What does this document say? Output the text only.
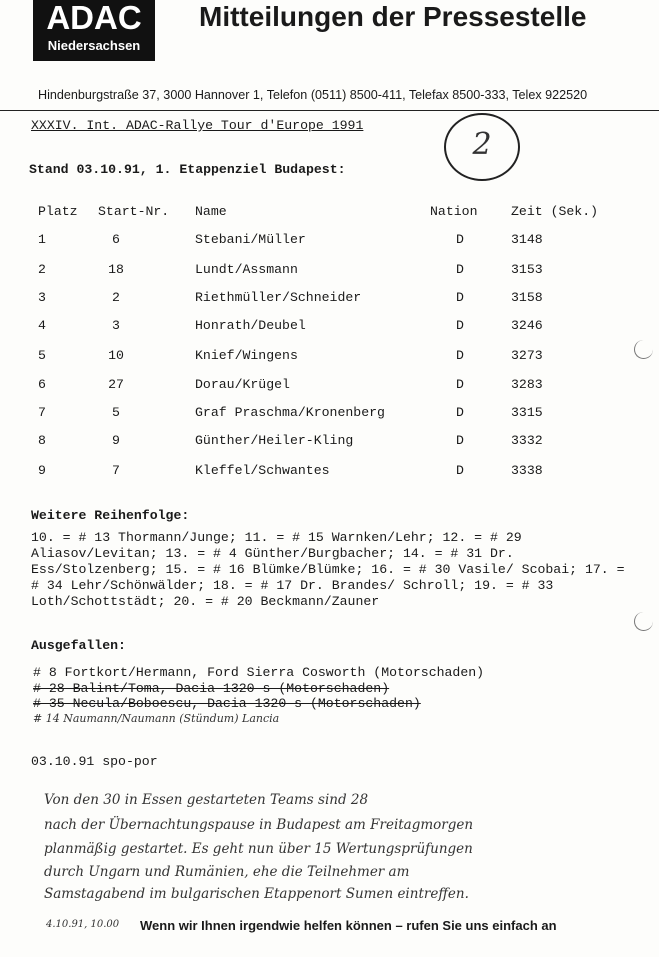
ADAC
Niedersachsen
Mitteilungen der Pressestelle
Hindenburgstraße 37, 3000 Hannover 1, Telefon (0511) 8500-411, Telefax 8500-333, Telex 922520
XXXIV. Int. ADAC-Rallye Tour d'Europe 1991
2
Stand 03.10.91, 1. Etappenziel Budapest:
Platz Start-Nr. Name	Nation	Zeit (Sek.)
1	6	Stebani/Müller	D	3148
2	18	Lundt/Assmann	D	3153
3	2	Riethmüller/Schneider	D	3158
4	3	Honrath/Deubel	D	3246
5	10	Knief/Wingens	D	3273
6	27	Dorau/Krügel	D	3283
7	5	Graf Praschma/Kronenberg	D	3315
8	9	Günther/Heiler-Kling	D	3332
9	7	Kleffel/Schwantes	D	3338
Weitere Reihenfolge:
10. = # 13 Thormann/Junge; 11. = # 15 Warnken/Lehr; 12. = # 29 Aliasov/Levitan; 13. = # 4 Günther/Burgbacher; 14. = # 31 Dr. Ess/Stolzenberg; 15. = # 16 Blümke/Blümke; 16. = # 30 Vasile/ Scobai; 17. = # 34 Lehr/Schönwälder; 18. = # 17 Dr. Brandes/ Schroll; 19. = # 33 Loth/Schottstädt; 20. = # 20 Beckmann/Zauner
Ausgefallen:
# 8 Fortkort/Hermann, Ford Sierra Cosworth (Motorschaden)
# 28 Balint/Toma, Dacia 1320 s (Motorschaden)
# 35 Necula/Boboescu, Dacia 1320 s (Motorschaden)
# 14 Naumann/Naumann (Stündum) Lancia
03.10.91 spo-por
Von den 30 in Essen gestarteten Teams sind 28
nach der Übernachtungspause in Budapest am Freitagmorgen
planmäßig gestartet. Es geht nun über 15 Wertungsprüfungen
durch Ungarn und Rumänien, ehe die Teilnehmer am
Samstagabend im bulgarischen Etappenort Sumen eintreffen.
4.10.91, 10.00 Wenn wir Ihnen irgendwie helfen können – rufen Sie uns einfach an
